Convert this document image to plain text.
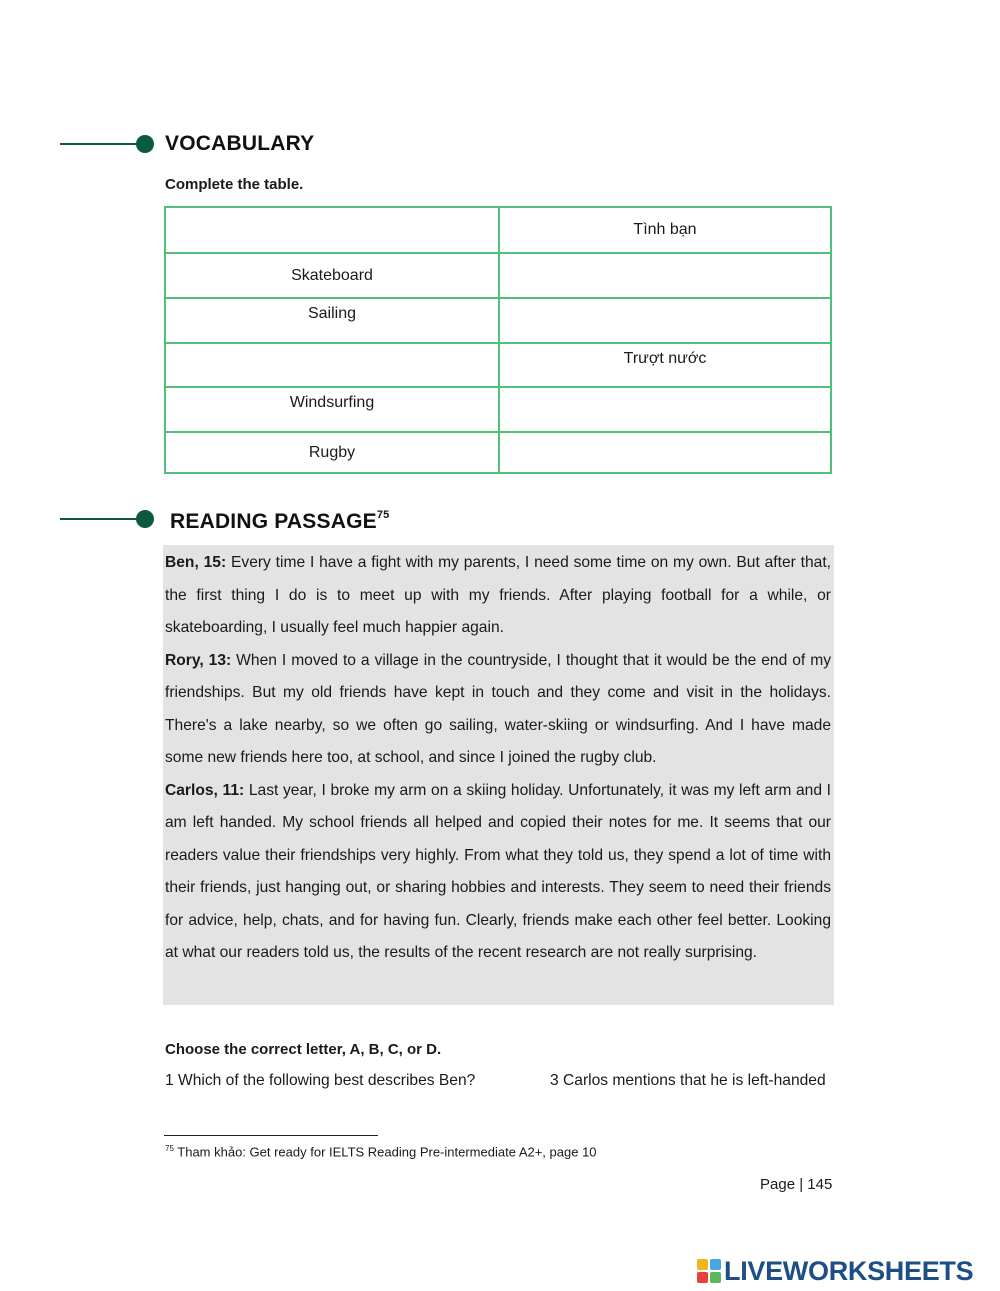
VOCABULARY
Complete the table.
Tình bạn
Skateboard
Sailing
Trượt nước
Windsurfing
Rugby
READING PASSAGE$^{75}$

Ben, 15: Every time I have a fight with my parents, I need some time on my own. But after that, the first thing I do is to meet up with my friends. After playing football for a while, or skateboarding, I usually feel much happier again.

Rory, 13: When I moved to a village in the countryside, I thought that it would be the end of my friendships. But my old friends have kept in touch and they come and visit in the holidays. There's a lake nearby, so we often go sailing, water-skiing or windsurfing. And I have made some new friends here too, at school, and since I joined the rugby club.

Carlos, 11: Last year, I broke my arm on a skiing holiday. Unfortunately, it was my left arm and I am left handed. My school friends all helped and copied their notes for me. It seems that our readers value their friendships very highly. From what they told us, they spend a lot of time with their friends, just hanging out, or sharing hobbies and interests. They seem to need their friends for advice, help, chats, and for having fun. Clearly, friends make each other feel better. Looking at what our readers told us, the results of the recent research are not really surprising.

Choose the correct letter, A, B, C, or D.
1 Which of the following best describes Ben?	3 Carlos mentions that he is left-handed
$^{75}$ Tham khảo: Get ready for IELTS Reading Pre-intermediate A2+, page 10
Page | 145
LIVEWORKSHEETS
